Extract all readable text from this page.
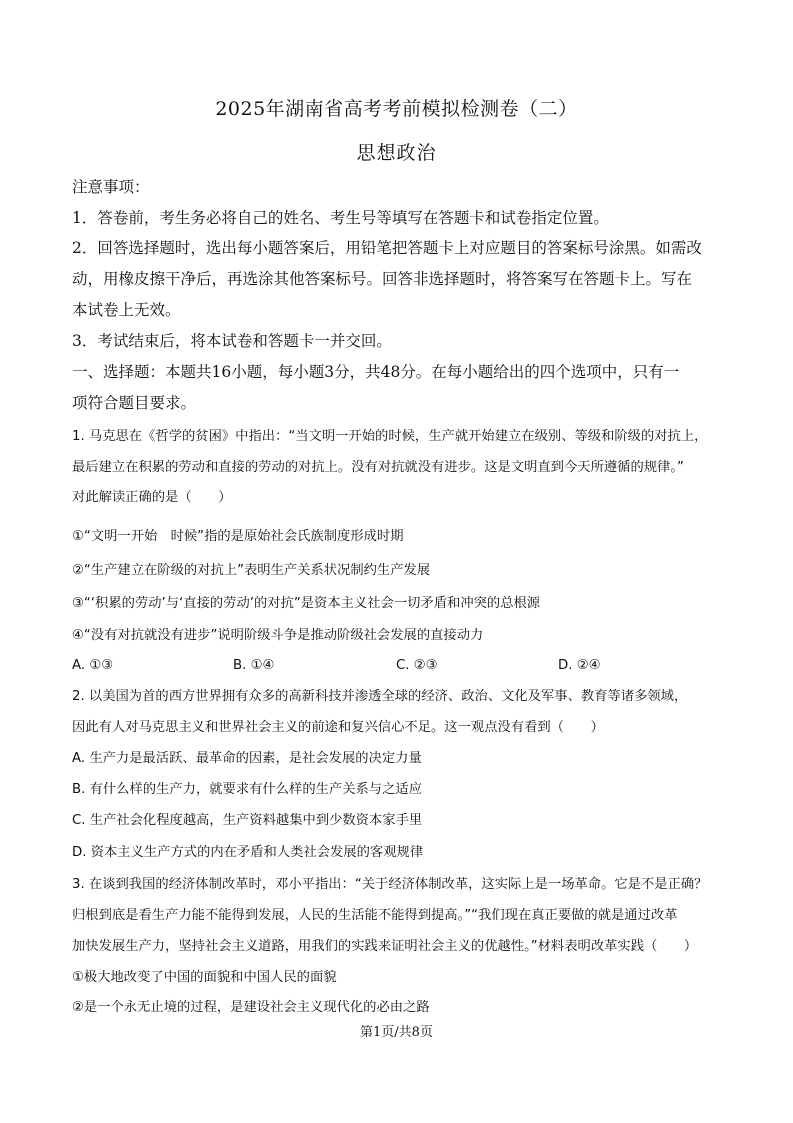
2025年湖南省高考考前模拟检测卷（二）
思想政治
注意事项：
1．答卷前，考生务必将自己的姓名、考生号等填写在答题卡和试卷指定位置。
2．回答选择题时，选出每小题答案后，用铅笔把答题卡上对应题目的答案标号涂黑。如需改
动，用橡皮擦干净后，再选涂其他答案标号。回答非选择题时，将答案写在答题卡上。写在
本试卷上无效。
3．考试结束后，将本试卷和答题卡一并交回。
一、选择题：本题共16小题，每小题3分，共48分。在每小题给出的四个选项中，只有一
项符合题目要求。
1. 马克思在《哲学的贫困》中指出：“当文明一开始的时候，生产就开始建立在级别、等级和阶级的对抗上，
最后建立在积累的劳动和直接的劳动的对抗上。没有对抗就没有进步。这是文明直到今天所遵循的规律。”
对此解读正确的是（　　）
①“文明一开始　时候”指的是原始社会氏族制度形成时期
②“生产建立在阶级的对抗上”表明生产关系状况制约生产发展
③“‘积累的劳动’与‘直接的劳动’的对抗”是资本主义社会一切矛盾和冲突的总根源
④“没有对抗就没有进步”说明阶级斗争是推动阶级社会发展的直接动力
A. ①③	B. ①④	C. ②③	D. ②④
2. 以美国为首的西方世界拥有众多的高新科技并渗透全球的经济、政治、文化及军事、教育等诸多领域，
因此有人对马克思主义和世界社会主义的前途和复兴信心不足。这一观点没有看到（　　）
A. 生产力是最活跃、最革命的因素，是社会发展的决定力量
B. 有什么样的生产力，就要求有什么样的生产关系与之适应
C. 生产社会化程度越高，生产资料越集中到少数资本家手里
D. 资本主义生产方式的内在矛盾和人类社会发展的客观规律
3. 在谈到我国的经济体制改革时，邓小平指出：“关于经济体制改革，这实际上是一场革命。它是不是正确？
归根到底是看生产力能不能得到发展，人民的生活能不能得到提高。”“我们现在真正要做的就是通过改革
加快发展生产力，坚持社会主义道路，用我们的实践来证明社会主义的优越性。”材料表明改革实践（　　）
①极大地改变了中国的面貌和中国人民的面貌
②是一个永无止境的过程，是建设社会主义现代化的必由之路
第1页/共8页
